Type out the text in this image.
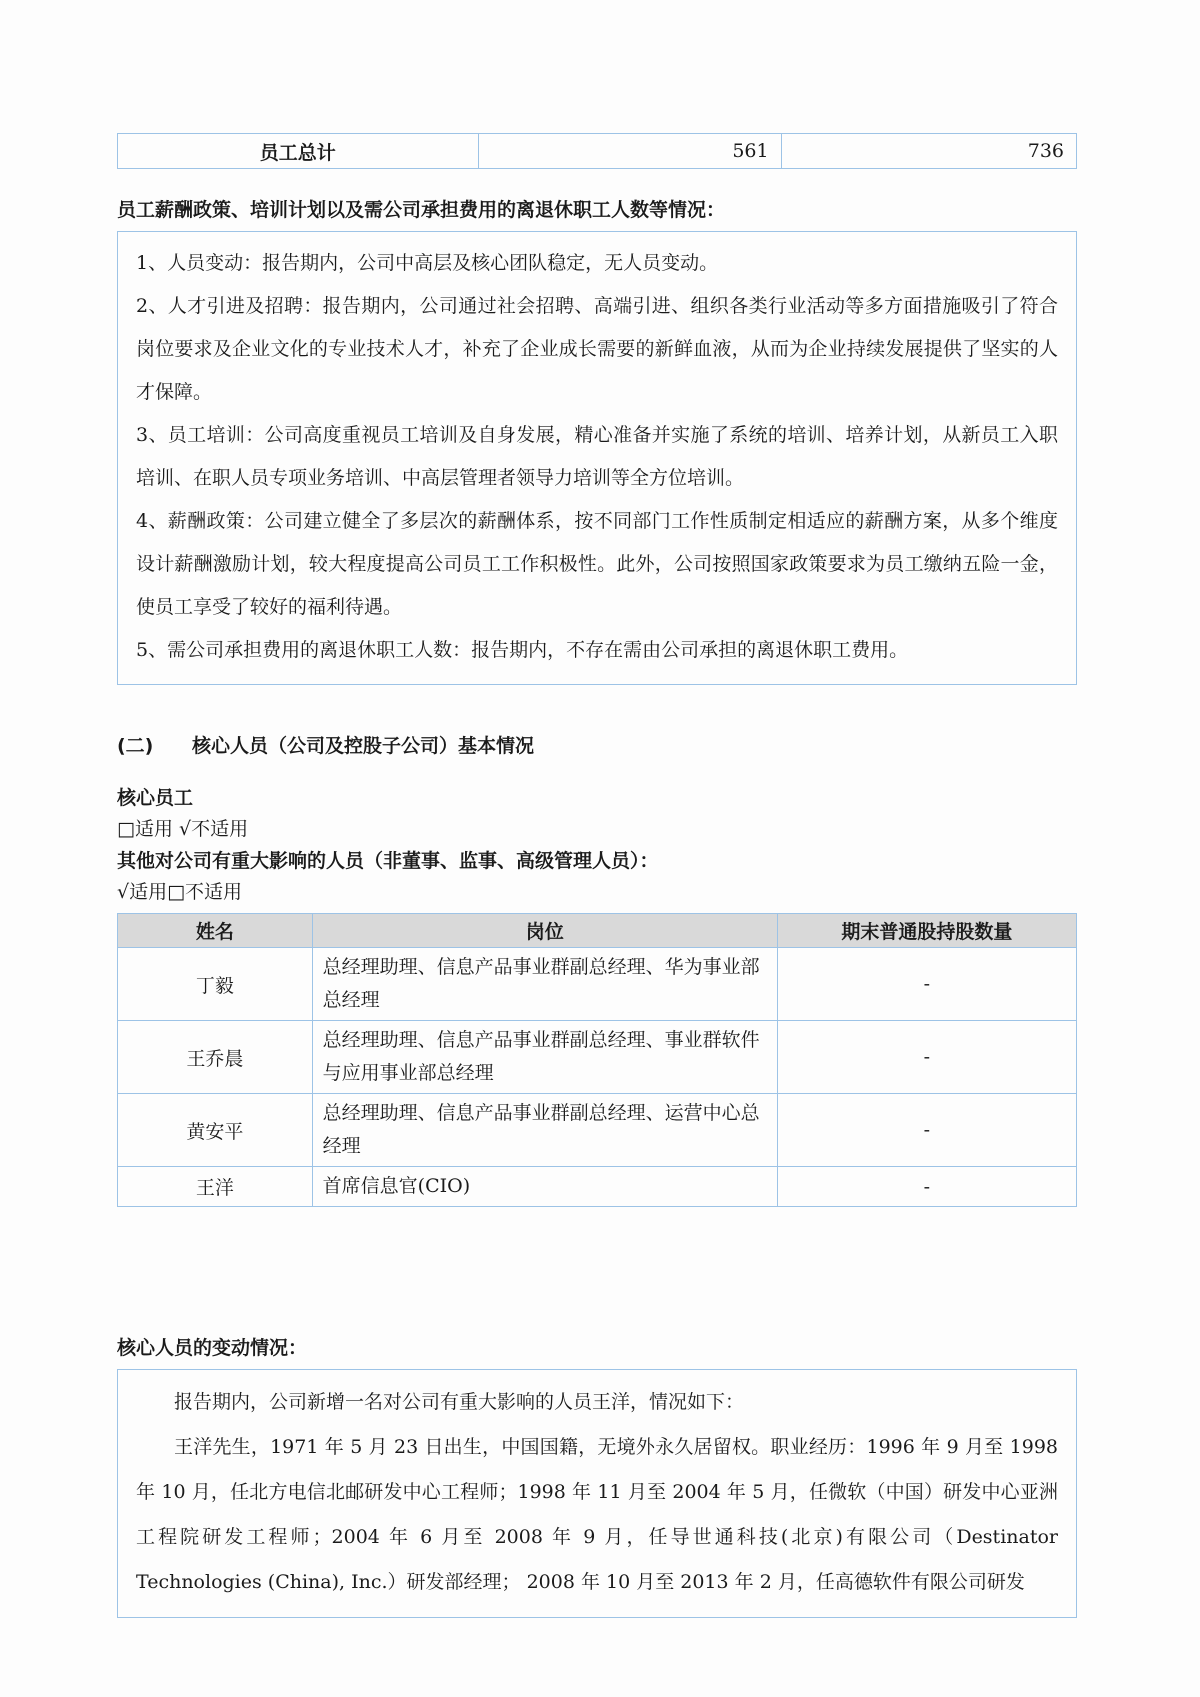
员工总计	561	736
员工薪酬政策、培训计划以及需公司承担费用的离退休职工人数等情况：

1、人员变动：报告期内，公司中高层及核心团队稳定，无人员变动。

2、人才引进及招聘：报告期内，公司通过社会招聘、高端引进、组织各类行业活动等多方面措施吸引了符合岗位要求及企业文化的专业技术人才，补充了企业成长需要的新鲜血液，从而为企业持续发展提供了坚实的人才保障。

3、员工培训：公司高度重视员工培训及自身发展，精心准备并实施了系统的培训、培养计划，从新员工入职培训、在职人员专项业务培训、中高层管理者领导力培训等全方位培训。

4、薪酬政策：公司建立健全了多层次的薪酬体系，按不同部门工作性质制定相适应的薪酬方案，从多个维度设计薪酬激励计划，较大程度提高公司员工工作积极性。此外，公司按照国家政策要求为员工缴纳五险一金，使员工享受了较好的福利待遇。

5、需公司承担费用的离退休职工人数：报告期内，不存在需由公司承担的离退休职工费用。

(二) 核心人员（公司及控股子公司）基本情况
核心员工
□适用 √不适用
其他对公司有重大影响的人员（非董事、监事、高级管理人员）：
√适用□不适用
姓名	岗位	期末普通股持股数量
丁毅	总经理助理、信息产品事业群副总经理、华为事业部总经理	-
王乔晨	总经理助理、信息产品事业群副总经理、事业群软件与应用事业部总经理	-
黄安平	总经理助理、信息产品事业群副总经理、运营中心总经理	-
王洋	首席信息官(CIO)	-
核心人员的变动情况：

报告期内，公司新增一名对公司有重大影响的人员王洋，情况如下：

王洋先生，1971 年 5 月 23 日出生，中国国籍，无境外永久居留权。职业经历：1996 年 9 月至 1998 年 10 月，任北方电信北邮研发中心工程师；1998 年 11 月至 2004 年 5 月，任微软（中国）研发中心亚洲工程院研发工程师；2004 年 6 月至 2008 年 9 月，任导世通科技(北京)有限公司（Destinator Technologies (China), Inc.）研发部经理； 2008 年 10 月至 2013 年 2 月，任高德软件有限公司研发
